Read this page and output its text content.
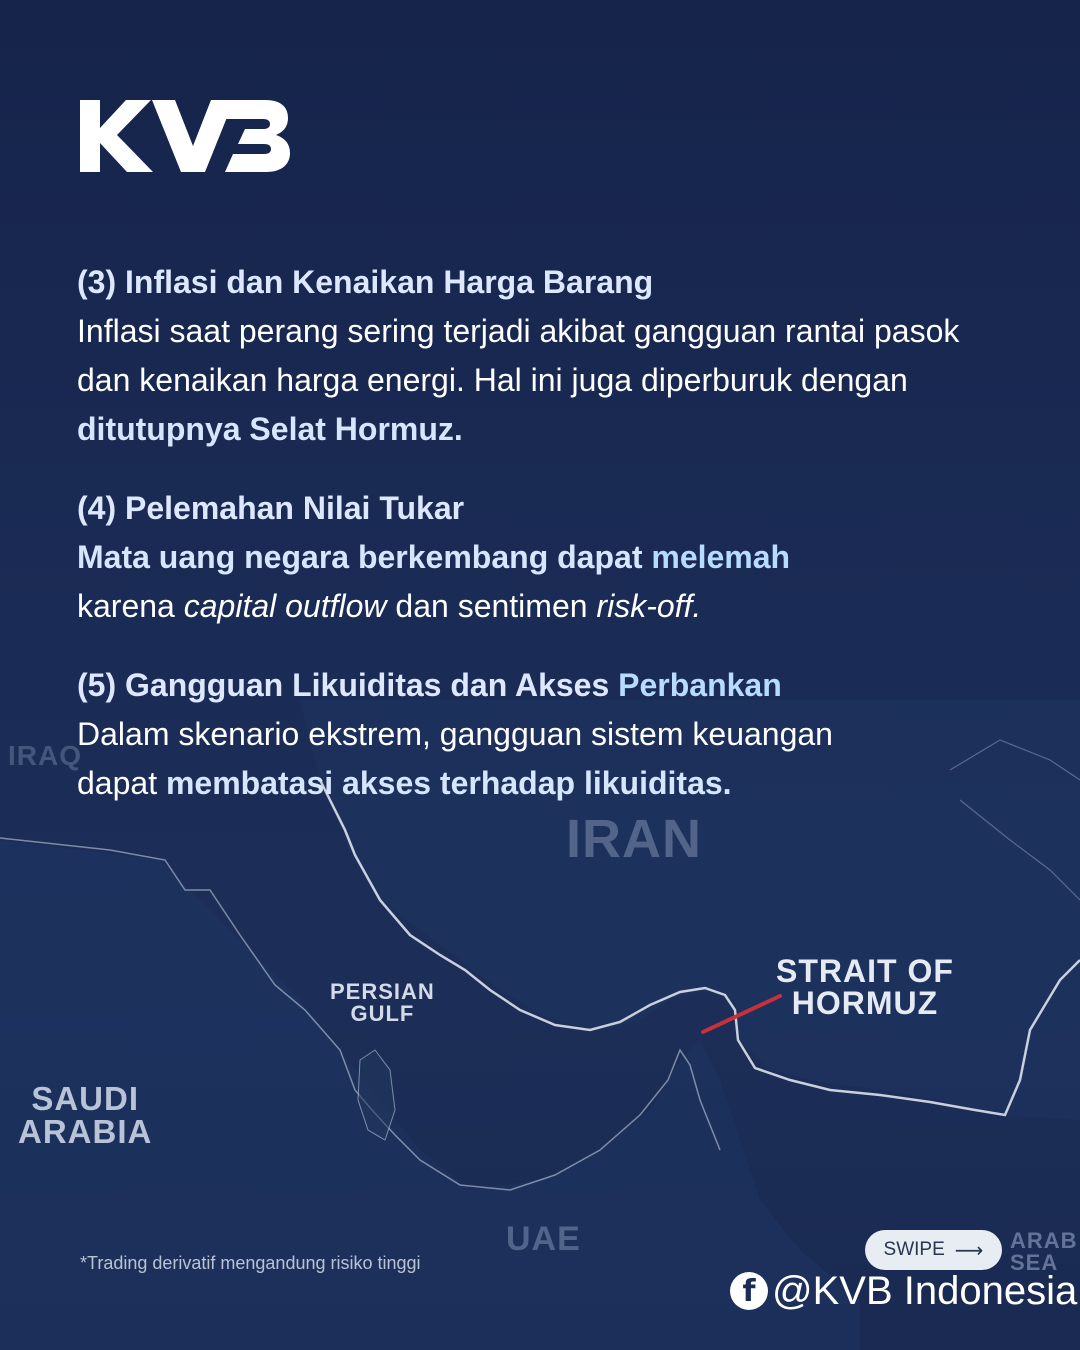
(3) Inflasi dan Kenaikan Harga Barang
Inflasi saat perang sering terjadi akibat gangguan rantai pasok
dan kenaikan harga energi. Hal ini juga diperburuk dengan
ditutupnya Selat Hormuz.
(4) Pelemahan Nilai Tukar
Mata uang negara berkembang dapat melemah
karena capital outflow dan sentimen risk-off.
(5) Gangguan Likuiditas dan Akses Perbankan
Dalam skenario ekstrem, gangguan sistem keuangan
dapat membatasi akses terhadap likuiditas.
IRAQ
IRAN
PERSIAN
GULF
SAUDI
ARABIA
UAE	ARAB
SEA
STRAIT OF
HORMUZ
*Trading derivatif mengandung risiko tinggi
SWIPE ⟶
f @KVB Indonesia
